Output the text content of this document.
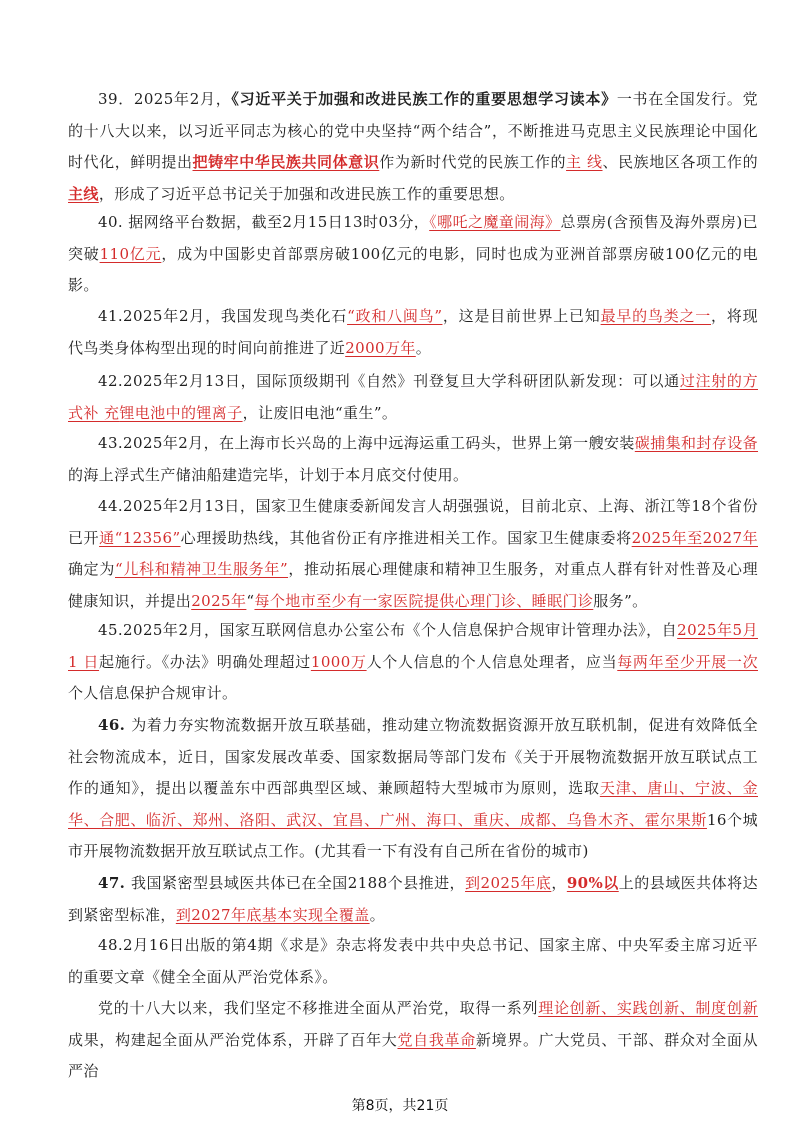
39．2025年2月，《习近平关于加强和改进民族工作的重要思想学习读本》一书在全国发行。党的十八大以来，以习近平同志为核心的党中央坚持“两个结合”，不断推进马克思主义民族理论中国化时代化，鲜明提出把铸牢中华民族共同体意识作为新时代党的民族工作的主 线、民族地区各项工作的主线，形成了习近平总书记关于加强和改进民族工作的重要思想。

40. 据网络平台数据，截至2月15日13时03分，《哪吒之魔童闹海》总票房(含预售及海外票房)已突破110亿元，成为中国影史首部票房破100亿元的电影，同时也成为亚洲首部票房破100亿元的电影。

41.2025年2月，我国发现鸟类化石“政和八闽鸟”，这是目前世界上已知最早的鸟类之一，将现代鸟类身体构型出现的时间向前推进了近2000万年。

42.2025年2月13日，国际顶级期刊《自然》刊登复旦大学科研团队新发现：可以通过注射的方式补 充锂电池中的锂离子，让废旧电池“重生”。

43.2025年2月，在上海市长兴岛的上海中远海运重工码头，世界上第一艘安装碳捕集和封存设备的海上浮式生产储油船建造完毕，计划于本月底交付使用。

44.2025年2月13日，国家卫生健康委新闻发言人胡强强说，目前北京、上海、浙江等18个省份已开通“12356”心理援助热线，其他省份正有序推进相关工作。国家卫生健康委将2025年至2027年确定为“儿科和精神卫生服务年”，推动拓展心理健康和精神卫生服务，对重点人群有针对性普及心理健康知识，并提出2025年“每个地市至少有一家医院提供心理门诊、睡眠门诊服务”。

45.2025年2月，国家互联网信息办公室公布《个人信息保护合规审计管理办法》，自2025年5月 1 日起施行。《办法》明确处理超过1000万人个人信息的个人信息处理者，应当每两年至少开展一次个人信息保护合规审计。

46. 为着力夯实物流数据开放互联基础，推动建立物流数据资源开放互联机制，促进有效降低全社会物流成本，近日，国家发展改革委、国家数据局等部门发布《关于开展物流数据开放互联试点工作的通知》，提出以覆盖东中西部典型区域、兼顾超特大型城市为原则，选取天津、唐山、宁波、金华、合肥、临沂、郑州、洛阳、武汉、宜昌、广州、海口、重庆、成都、乌鲁木齐、霍尔果斯16个城市开展物流数据开放互联试点工作。(尤其看一下有没有自己所在省份的城市)

47. 我国紧密型县域医共体已在全国2188个县推进，到2025年底，90%以上的县域医共体将达到紧密型标准，到2027年底基本实现全覆盖。

48.2月16日出版的第4期《求是》杂志将发表中共中央总书记、国家主席、中央军委主席习近平的重要文章《健全全面从严治党体系》。

党的十八大以来，我们坚定不移推进全面从严治党，取得一系列理论创新、实践创新、制度创新成果，构建起全面从严治党体系，开辟了百年大党自我革命新境界。广大党员、干部、群众对全面从严治

第8页，共21页
